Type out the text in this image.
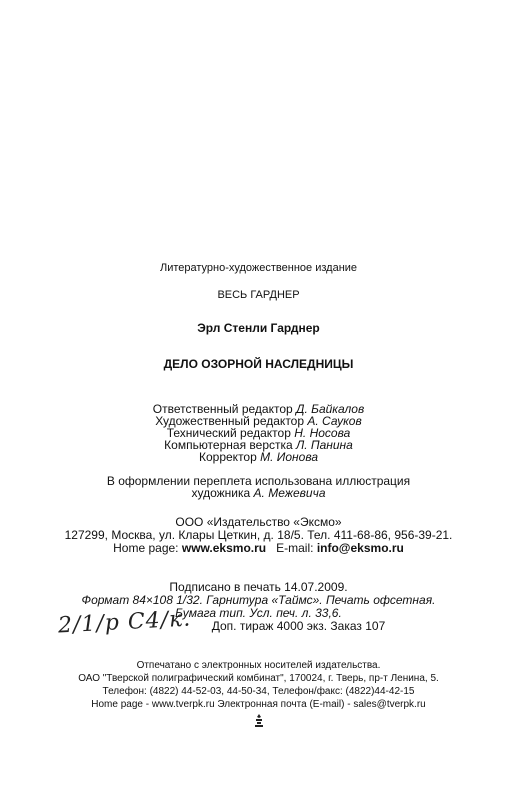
Литературно-художественное издание
ВЕСЬ ГАРДНЕР
Эрл Стенли Гарднер
ДЕЛО ОЗОРНОЙ НАСЛЕДНИЦЫ
Ответственный редактор Д. Байкалов
Художественный редактор А. Сауков
Технический редактор Н. Носова
Компьютерная верстка Л. Панина
Корректор М. Ионова
В оформлении переплета использована иллюстрация
художника А. Межевича
ООО «Издательство «Эксмо»
127299, Москва, ул. Клары Цеткин, д. 18/5. Тел. 411-68-86, 956-39-21.
Home page: www.eksmo.ru E-mail: info@eksmo.ru
Подписано в печать 14.07.2009.
Формат 84×108 1/32. Гарнитура «Таймс». Печать офсетная.
Бумага тип. Усл. печ. л. 33,6.
Доп. тираж 4000 экз. Заказ 107
2/1/p С4/к.
Отпечатано с электронных носителей издательства.
ОАО "Тверской полиграфический комбинат", 170024, г. Тверь, пр-т Ленина, 5.
Телефон: (4822) 44-52-03, 44-50-34, Телефон/факс: (4822)44-42-15
Home page - www.tverpk.ru Электронная почта (E-mail) - sales@tverpk.ru
